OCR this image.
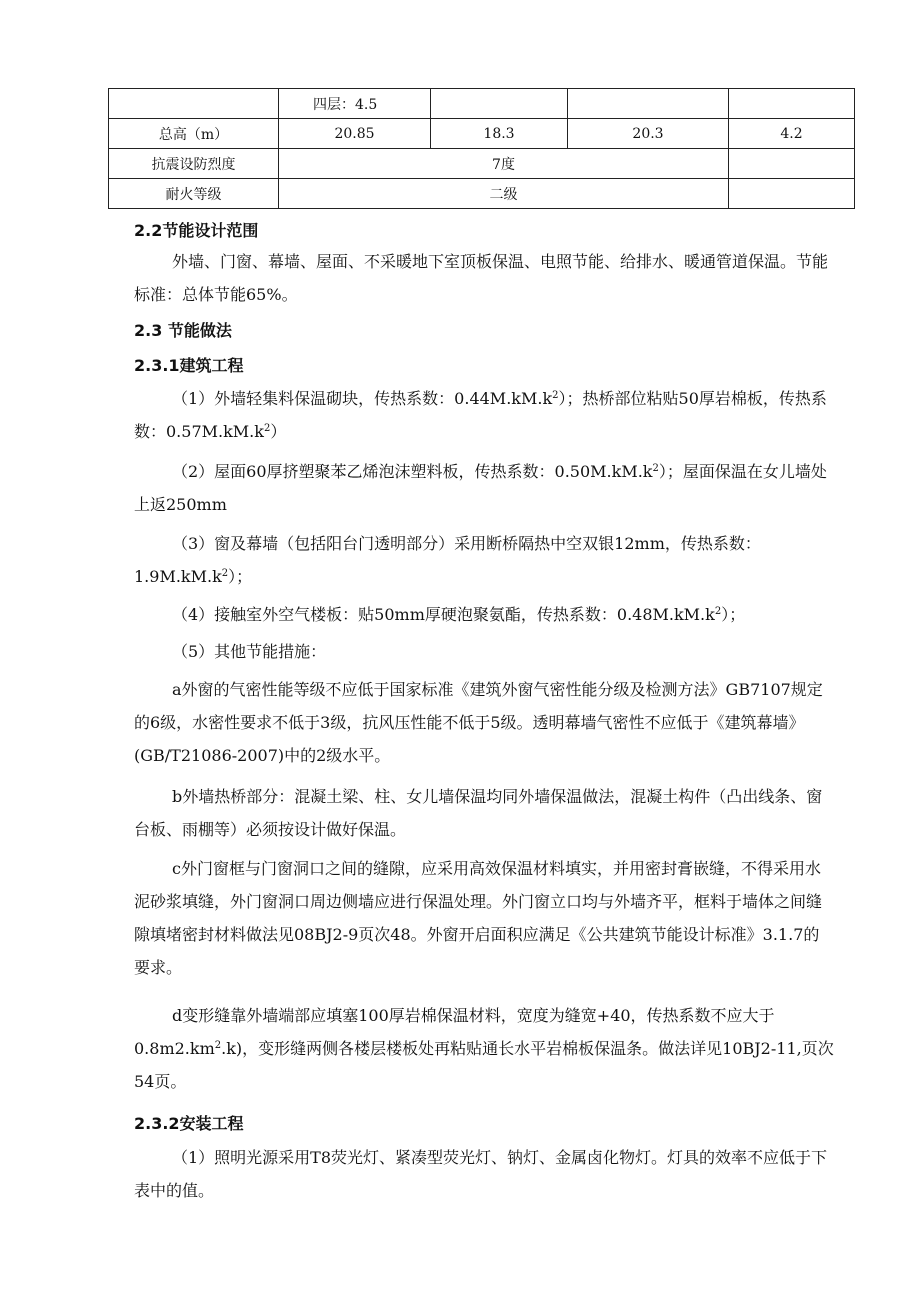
	四层：4.5			
总高（m）	20.85	18.3	20.3	4.2
抗震设防烈度	7度			
耐火等级	二级			
2.2节能设计范围

外墙、门窗、幕墙、屋面、不采暖地下室顶板保温、电照节能、给排水、暖通管道保温。节能标准：总体节能65%。

2.3 节能做法
2.3.1建筑工程

（1）外墙轻集料保温砌块，传热系数：$0.44M.kM.k^2$）；热桥部位粘贴50厚岩棉板，传热系数：$0.57M.kM.k^2$）

（2）屋面60厚挤塑聚苯乙烯泡沫塑料板，传热系数：$0.50M.kM.k^2$）；屋面保温在女儿墙处上返250mm

（3）窗及幕墙（包括阳台门透明部分）采用断桥隔热中空双银12mm，传热系数：$1.9M.kM.k^2$）；

（4）接触室外空气楼板：贴50mm厚硬泡聚氨酯，传热系数：$0.48M.kM.k^2$）；

（5）其他节能措施：

a外窗的气密性能等级不应低于国家标准《建筑外窗气密性能分级及检测方法》GB7107规定的6级，水密性要求不低于3级，抗风压性能不低于5级。透明幕墙气密性不应低于《建筑幕墙》(GB/T21086-2007)中的2级水平。

b外墙热桥部分：混凝土梁、柱、女儿墙保温均同外墙保温做法，混凝土构件（凸出线条、窗台板、雨棚等）必须按设计做好保温。

c外门窗框与门窗洞口之间的缝隙，应采用高效保温材料填实，并用密封膏嵌缝，不得采用水泥砂浆填缝，外门窗洞口周边侧墙应进行保温处理。外门窗立口均与外墙齐平，框料于墙体之间缝隙填堵密封材料做法见08BJ2-9页次48。外窗开启面积应满足《公共建筑节能设计标准》3.1.7的要求。

d变形缝靠外墙端部应填塞100厚岩棉保温材料，宽度为缝宽+40，传热系数不应大于$0.8m2.km^2.k$)，变形缝两侧各楼层楼板处再粘贴通长水平岩棉板保温条。做法详见10BJ2-11,页次54页。

2.3.2安装工程

（1）照明光源采用T8荧光灯、紧凑型荧光灯、钠灯、金属卤化物灯。灯具的效率不应低于下表中的值。
